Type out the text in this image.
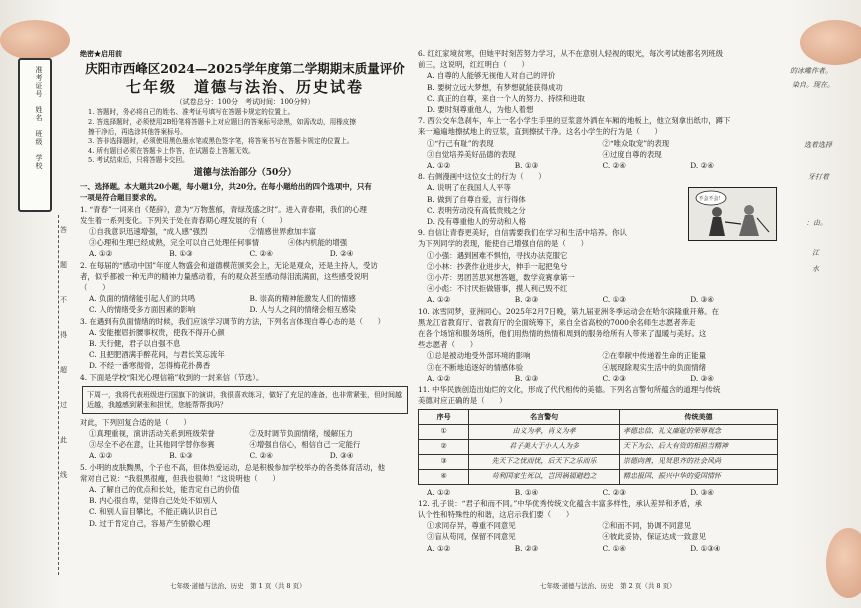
准考证号　姓名　班级　学校
答
题
不
得
超
过
此
线
绝密★启用前
庆阳市西峰区2024—2025学年度第二学期期末质量评价
七年级　道德与法治、历史试卷
（试卷总分：100分　考试时间：100分钟）
1. 答题时，务必将自己的姓名、准考证号填写在答题卡规定的位置上。
2. 答选择题时，必须使用2B铅笔将答题卡上对应题目的答案标号涂黑，如需改动，用橡皮擦
擦干净后，再选涂其他答案标号。
3. 答非选择题时，必须使用黑色墨水笔或黑色签字笔，将答案书写在答题卡规定的位置上。
4. 所有题目必须在答题卡上作答，在试题卷上答题无效。
5. 考试结束后，只将答题卡交回。
道德与法治部分（50分）
一、选择题。本大题共20小题，每小题1分，共20分。在每小题给出的四个选项中，只有
一项是符合题目要求的。
1. “青春”一词来自《楚辞》，意为“万物葱郁，青绿茂盛之时”。进入青春期，我们的心理
发生着一系列变化。下列关于处在青春期心理发展的有（　　）
①自我意识迅速增强，“成人感”强烈	②情感世界愈加丰富
③心理和生理已经成熟，完全可以自己处理任何事情	④体内机能的增强
A. ①②	B. ①③	C. ②④	D. ②④
2. 在每届的“感动中国”年度人物盛会和道德模范颁奖会上，无论是观众，还是主持人，受访
者，似乎都被一种无声的精神力量感动着，有的观众甚至感动得泪流满面，这些感受说明
（　　）
A. 负面的情绪能引起人们的共鸣	B. 崇高的精神能激发人们的情感
C. 人的情绪受多方面因素的影响	D. 人与人之间的情绪会相互感染
3. 在遇到有负面情绪的时候，我们应该学习调节的方法，下列名言体现自尊心态的是（　　）
A. 安能摧眉折腰事权贵，使我不得开心颜
B. 天行健，君子以自强不息
C. 且把肥酒满手醉花间，与君长笑忘流年
D. 不经一番寒彻骨，怎得梅花扑鼻香
4. 下面是学校“阳光心理信箱”收到的一封来信（节选）。
下周一，我将代表班级进行国旗下的演讲，我很喜欢练习，做好了充足的准备，也非常紧张，但时间越近越，我越感到紧张和担忧，您能帮帮我吗？
对此，下列回复合适的是（　　）
①真理重视，演讲活动关系到班级荣誉	②及时调节负面情绪，缓解压力
③尽全不必在意，让其他同学替你参赛	④增强自信心，相信自己一定能行
A. ①②	B. ①③	C. ②④	D. ③④
5. 小明的皮肤黝黑，个子也不高，但体热爱运动，总是积极参加学校举办的各类体育活动，他
常对自己说：“我很黑很瘦，但我也很帅！”这说明他（　　）
A. 了解自己的优点和长处，能肯定自己的价值
B. 内心很自卑，觉得自己处处不如别人
C. 和别人盲目攀比，不能正确认识自己
D. 过于肯定自己，容易产生骄傲心理
七年级·道德与法治、历史　第 1 页（共 8 页）
6. 红红家境贫寒，但她平时刻苦努力学习，从不在意别人轻视的眼光，每次考试她都名列班级
前三，这说明，红红明白（　　）
A. 自尊的人能够无视他人对自己的评价
B. 要树立远大梦想，有梦想就能获得成功
C. 真正的自尊，来自一个人的努力、持续和进取
D. 要时刻尊重他人，为他人着想
7. 西公交车急刹车，车上一名小学生手里的豆浆意外洒在车厢的地板上，他立刻拿出纸巾，蹲下
来一遍遍地擦拭地上的豆浆，直到擦拭干净。这名小学生的行为是（　　）
①“行己有耻”的表现	②“唯众取宠”的表现
③自觉培养美好品德的表现	④过度自尊的表现
A. ①②	B. ①③	C. ②④	D. ②④
8. 右侧漫画中这位女士的行为（　　）
A. 说明了在我国人人平等
B. 做到了自尊自爱，言行得体
C. 表明劳动没有高低贵贱之分
D. 没有尊重他人的劳动和人格
9. 自信让青春更美好，自信需要我们在学习和生活中培养。你认
为下列同学的表现，能使自己增强自信的是（　　）
①小强：遇到困难不惧怕，寻找办法克服它
②小林：抄袭作业进步大，伸手一起把兔兮
③小芹：男团苦思冥想答题，数学竞赛拿第一
④小彪：不讨厌拒做错事，摸人利己毁不红
A. ①②	B. ②③	C. ①③	D. ③④
10. 冰雪同梦，亚洲同心。2025年2月7日晚，第九届亚洲冬季运动会在哈尔滨隆重开幕。在
黑龙江省教育厅、省教育厅的全面统筹下，来自全省高校的7000余名师生志愿者奔走
在各个场馆和服务场所，他们用热情的热情和周到的服务给所有人带来了温暖与美好。这
些志愿者（　　）
①总是被动地受外部环境的影响	②在奉献中传递着生命的正能量
③在不断地追逐好的情感体验	④展现除观实生活中的负面情绪
A. ①②	B. ①③	C. ②③	D. ③④
11. 中华民族创造出灿烂的文化，形成了代代相传的美德。下列名言警句所蕴含的道理与传统
美德对应正确的是（　　）
序号	名言警句	传统美德
①	由义为孝，肖义为孝	孝德忠信、礼义廉耻的荣辱观念
②	君子美大于小人人为多	天下为公、后大有资的相担当精神
③	先天下之忧而忧，后天下之乐而乐	崇德向善，见贤思齐的社会风尚
④	苟利国家生死以，岂因祸福避趋之	精忠报国、振兴中华的爱国情怀
A. ①②	B. ①④	C. ②③	D. ③④
12. 孔子说：“君子和而不同。”中华优秀传统文化蕴含丰富多样性，承认差异和矛盾，承
认个性和特殊性的和谐，这启示我们要（　　）
①求同存异，尊重不同意见	②和而不同，协调不同意见
③盲从苟同，保留不同意见	④彼此妥协，保证达成一致意见
A. ①②	B. ②③	C. ①④	D. ①③④
不会不会！
七年级·道德与法治、历史　第 2 页（共 8 页）
的冰雕作者。
染自。现在。
选着选择
牙打着
：由。
江
水
